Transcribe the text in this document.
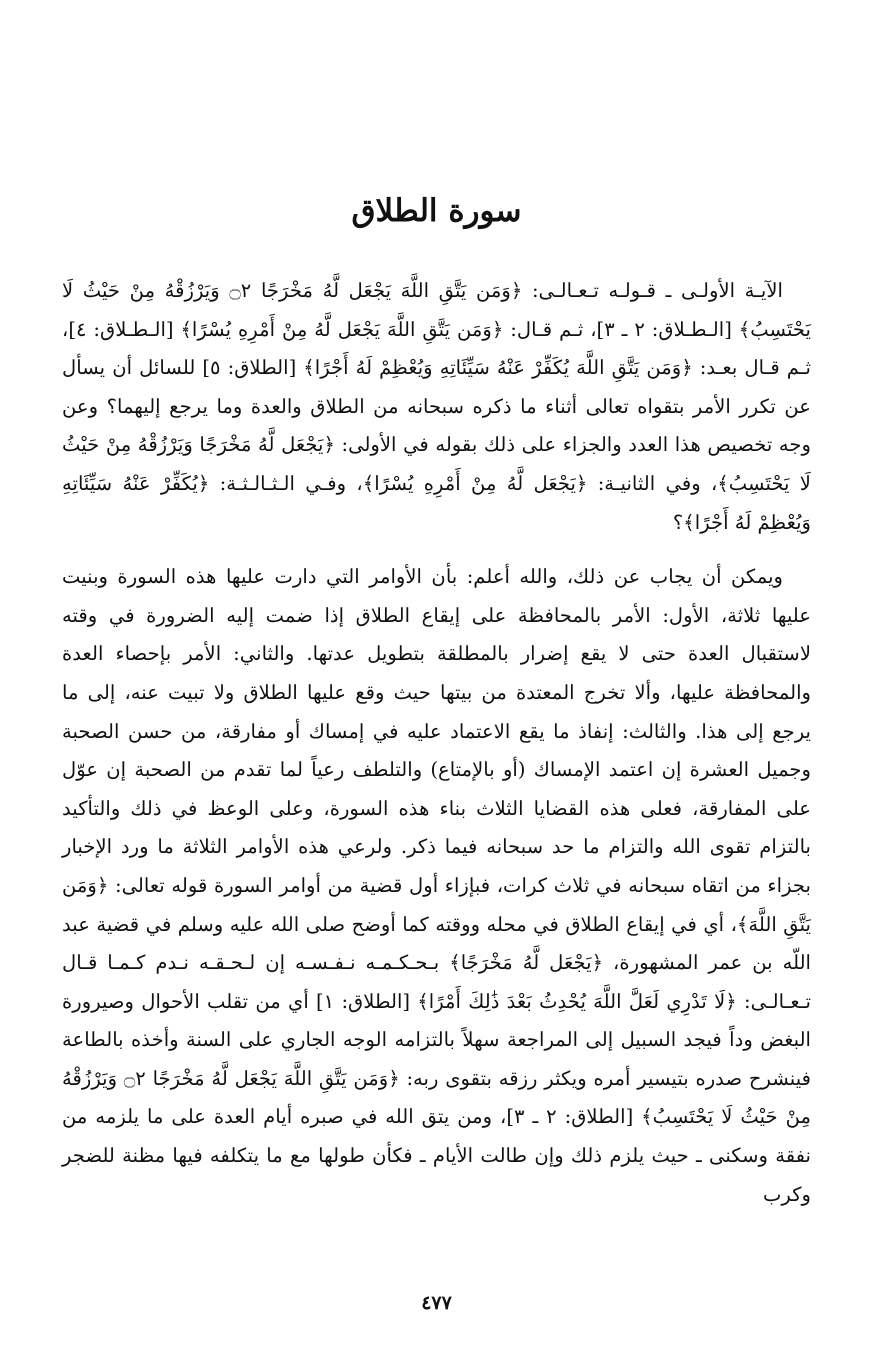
سورة الطلاق

الآيـة الأولـى ـ قـولـه تـعـالـى: ﴿وَمَن يَتَّقِ اللَّهَ يَجْعَل لَّهُ مَخْرَجًا ۝٢ وَيَرْزُقْهُ مِنْ حَيْثُ لَا يَحْتَسِبُ﴾ [الـطـلاق: ٢ ـ ٣]، ثـم قـال: ﴿وَمَن يَتَّقِ اللَّهَ يَجْعَل لَّهُ مِنْ أَمْرِهِ يُسْرًا﴾ [الـطـلاق: ٤]، ثـم قـال بعـد: ﴿وَمَن يَتَّقِ اللَّهَ يُكَفِّرْ عَنْهُ سَيِّئَاتِهِ وَيُعْظِمْ لَهُ أَجْرًا﴾ [الطلاق: ٥] للسائل أن يسأل عن تكرر الأمر بتقواه تعالى أثناء ما ذكره سبحانه من الطلاق والعدة وما يرجع إليهما؟ وعن وجه تخصيص هذا العدد والجزاء على ذلك بقوله في الأولى: ﴿يَجْعَل لَّهُ مَخْرَجًا وَيَرْزُقْهُ مِنْ حَيْثُ لَا يَحْتَسِبُ﴾، وفي الثانيـة: ﴿يَجْعَل لَّهُ مِنْ أَمْرِهِ يُسْرًا﴾، وفـي الـثـالـثـة: ﴿يُكَفِّرْ عَنْهُ سَيِّئَاتِهِ وَيُعْظِمْ لَهُ أَجْرًا﴾؟

ويمكن أن يجاب عن ذلك، والله أعلم: بأن الأوامر التي دارت عليها هذه السورة وبنيت عليها ثلاثة، الأول: الأمر بالمحافظة على إيقاع الطلاق إذا ضمت إليه الضرورة في وقته لاستقبال العدة حتى لا يقع إضرار بالمطلقة بتطويل عدتها. والثاني: الأمر بإحصاء العدة والمحافظة عليها، وألا تخرج المعتدة من بيتها حيث وقع عليها الطلاق ولا تبيت عنه، إلى ما يرجع إلى هذا. والثالث: إنفاذ ما يقع الاعتماد عليه في إمساك أو مفارقة، من حسن الصحبة وجميل العشرة إن اعتمد الإمساك (أو بالإمتاع) والتلطف رعياً لما تقدم من الصحبة إن عوّل على المفارقة، فعلى هذه القضايا الثلاث بناء هذه السورة، وعلى الوعظ في ذلك والتأكيد بالتزام تقوى الله والتزام ما حد سبحانه فيما ذكر. ولرعي هذه الأوامر الثلاثة ما ورد الإخبار بجزاء من اتقاه سبحانه في ثلاث كرات، فبإزاء أول قضية من أوامر السورة قوله تعالى: ﴿وَمَن يَتَّقِ اللَّهَ﴾، أي في إيقاع الطلاق في محله ووقته كما أوضح صلى الله عليه وسلم في قضية عبد اللّه بن عمر المشهورة، ﴿يَجْعَل لَّهُ مَخْرَجًا﴾ بـحـكـمـه نـفـسـه إن لـحـقـه نـدم كـمـا قـال تـعـالـى: ﴿لَا تَدْرِي لَعَلَّ اللَّهَ يُحْدِثُ بَعْدَ ذَٰلِكَ أَمْرًا﴾ [الطلاق: ١] أي من تقلب الأحوال وصيرورة البغض وداً فيجد السبيل إلى المراجعة سهلاً بالتزامه الوجه الجاري على السنة وأخذه بالطاعة فينشرح صدره بتيسير أمره ويكثر رزقه بتقوى ربه: ﴿وَمَن يَتَّقِ اللَّهَ يَجْعَل لَّهُ مَخْرَجًا ۝٢ وَيَرْزُقْهُ مِنْ حَيْثُ لَا يَحْتَسِبُ﴾ [الطلاق: ٢ ـ ٣]، ومن يتق الله في صبره أيام العدة على ما يلزمه من نفقة وسكنى ـ حيث يلزم ذلك وإن طالت الأيام ـ فكأن طولها مع ما يتكلفه فيها مظنة للضجر وكرب

٤٧٧
